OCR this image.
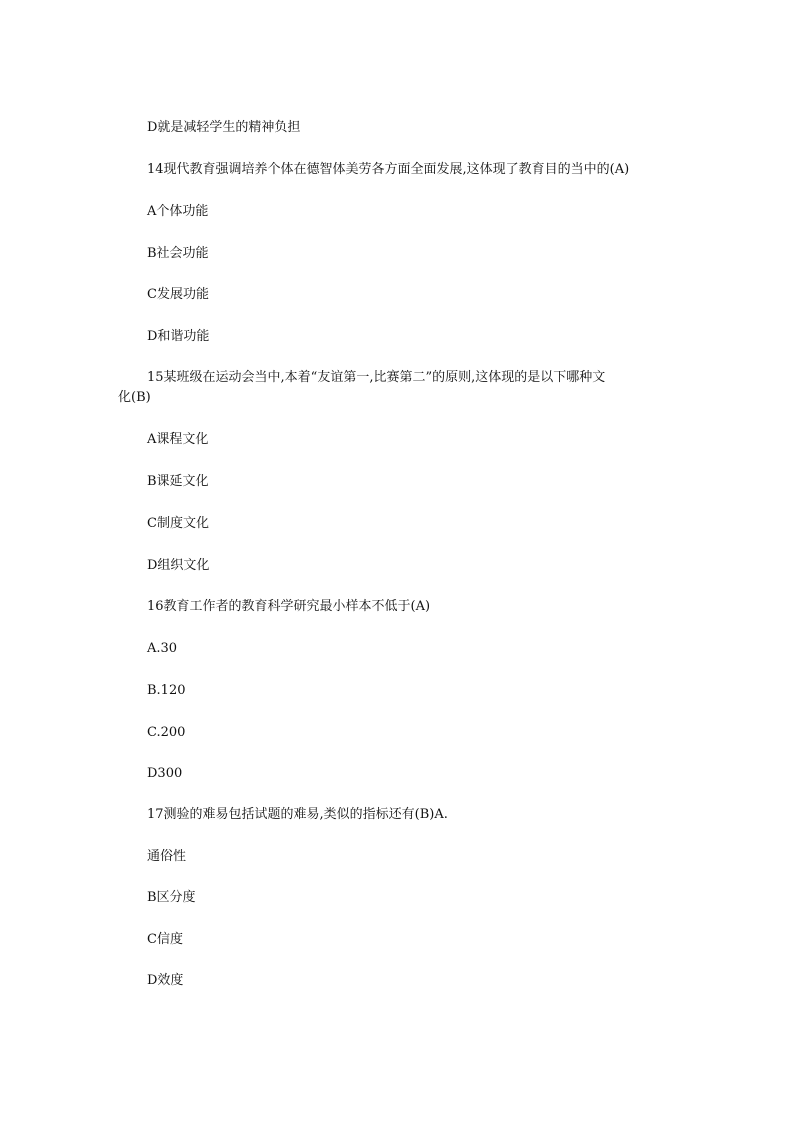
D就是减轻学生的精神负担
14现代教育强调培养个体在德智体美劳各方面全面发展,这体现了教育目的当中的(A)
A个体功能
B社会功能
C发展功能
D和谐功能
15某班级在运动会当中,本着“友谊第一,比赛第二”的原则,这体现的是以下哪种文
化(B)
A课程文化
B课延文化
C制度文化
D组织文化
16教育工作者的教育科学研究最小样本不低于(A)
A.30
B.120
C.200
D300
17测验的难易包括试题的难易,类似的指标还有(B)A.
通俗性
B区分度
C信度
D效度
